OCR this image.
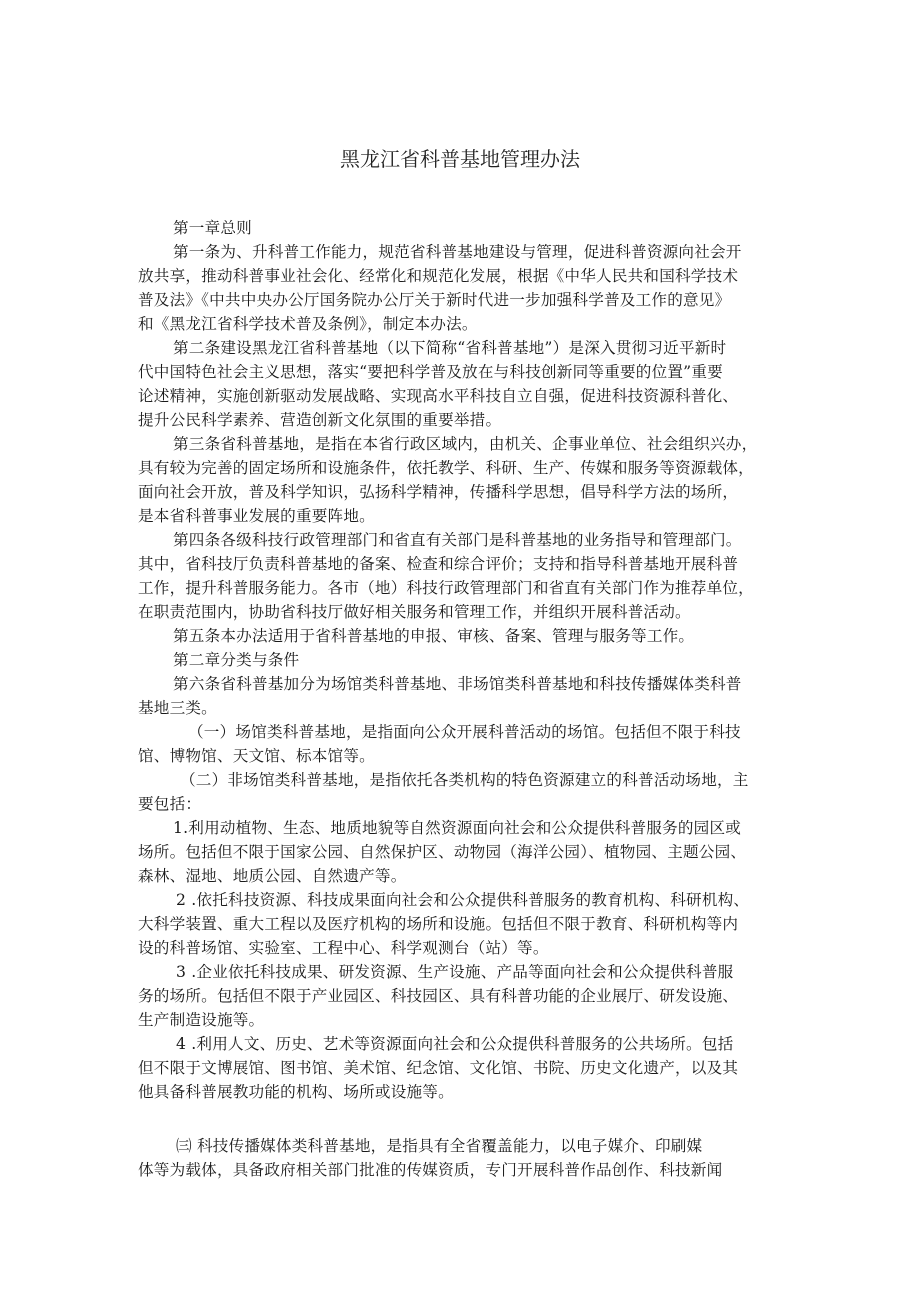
黑龙江省科普基地管理办法
第一章总则
第一条为、升科普工作能力，规范省科普基地建设与管理，促进科普资源向社会开
放共享，推动科普事业社会化、经常化和规范化发展，根据《中华人民共和国科学技术
普及法》《中共中央办公厅国务院办公厅关于新时代进一步加强科学普及工作的意见》
和《黑龙江省科学技术普及条例》，制定本办法。
第二条建设黑龙江省科普基地（以下简称“省科普基地”）是深入贯彻习近平新时
代中国特色社会主义思想，落实“要把科学普及放在与科技创新同等重要的位置”重要
论述精神，实施创新驱动发展战略、实现高水平科技自立自强，促进科技资源科普化、
提升公民科学素养、营造创新文化氛围的重要举措。
第三条省科普基地，是指在本省行政区域内，由机关、企事业单位、社会组织兴办，
具有较为完善的固定场所和设施条件，依托教学、科研、生产、传媒和服务等资源载体，
面向社会开放，普及科学知识，弘扬科学精神，传播科学思想，倡导科学方法的场所，
是本省科普事业发展的重要阵地。
第四条各级科技行政管理部门和省直有关部门是科普基地的业务指导和管理部门。
其中，省科技厅负责科普基地的备案、检查和综合评价；支持和指导科普基地开展科普
工作，提升科普服务能力。各市（地）科技行政管理部门和省直有关部门作为推荐单位，
在职责范围内，协助省科技厅做好相关服务和管理工作，并组织开展科普活动。
第五条本办法适用于省科普基地的申报、审核、备案、管理与服务等工作。
第二章分类与条件
第六条省科普基加分为场馆类科普基地、非场馆类科普基地和科技传播媒体类科普
基地三类。
（一）场馆类科普基地，是指面向公众开展科普活动的场馆。包括但不限于科技
馆、博物馆、天文馆、标本馆等。
（二）非场馆类科普基地，是指依托各类机构的特色资源建立的科普活动场地，主
要包括：
1.利用动植物、生态、地质地貌等自然资源面向社会和公众提供科普服务的园区或
场所。包括但不限于国家公园、自然保护区、动物园（海洋公园）、植物园、主题公园、
森林、湿地、地质公园、自然遗产等。
2 .依托科技资源、科技成果面向社会和公众提供科普服务的教育机构、科研机构、
大科学装置、重大工程以及医疗机构的场所和设施。包括但不限于教育、科研机构等内
设的科普场馆、实验室、工程中心、科学观测台（站）等。
3 .企业依托科技成果、研发资源、生产设施、产品等面向社会和公众提供科普服
务的场所。包括但不限于产业园区、科技园区、具有科普功能的企业展厅、研发设施、
生产制造设施等。
4 .利用人文、历史、艺术等资源面向社会和公众提供科普服务的公共场所。包括
但不限于文博展馆、图书馆、美术馆、纪念馆、文化馆、书院、历史文化遗产，以及其
他具备科普展教功能的机构、场所或设施等。
㈢ 科技传播媒体类科普基地，是指具有全省覆盖能力，以电子媒介、印刷媒
体等为载体，具备政府相关部门批准的传媒资质，专门开展科普作品创作、科技新闻
